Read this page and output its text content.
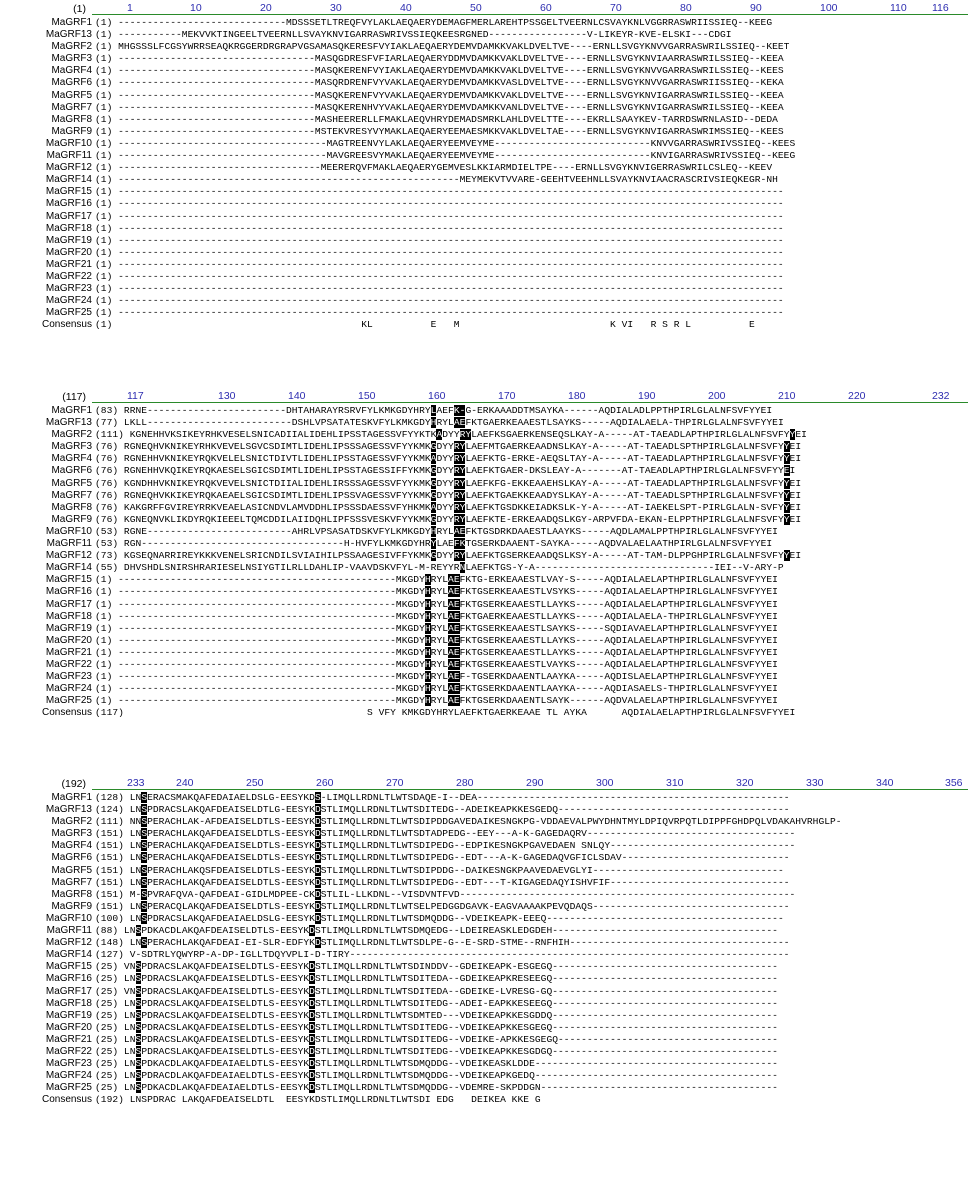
(1)	1	10	20	30	40	50	60	70	80	90	100	110 116
MaGRF1 (1) -----------------------------MDSSSETLTREQFVYLAKLAEQAERYDEMAGFMERLAREHTPSSGELTVEERNLCSVAYKNLVGGRRASWRIISSIEQ--KEEG
MaGRF13 (1) -----------MEKVVKTINGEELTVEERNLLSVAYKNVIGARRASWRIVSSIEQKEESRGNED-----------------V-LIKEYR-KVE-ELSKI---CDGI
MaGRF2 (1) MHGSSSLFCGSYWRRSEAQKRGGERDRGRAPVGSAMASQKERESFVYIAKLAEQAERYDEMVDAMKKVAKLDVELTVE----ERNLLSVGYKNVVGARRASWRILSSIEQ--KEET
MaGRF3 (1) ----------------------------------MASQGDRESFVFIARLAEQAERYDDMVDAMKKVAKLDVELTVE----ERNLLSVGYKNVIAARRASWRILSSIEQ--KEEA
MaGRF4 (1) ----------------------------------MASQKERENFVYIAKLAEQAERYDEMVDAMKKVAKLDVELTVE----ERNLLSVGYKNVVGARRASWRILSSIEQ--KEES
MaGRF6 (1) ----------------------------------MASQRDRENFVYVAKLAEQAERYDEMVDAMKKVASLDVELTVE----ERNLLSVGYKNVVGARRASWRIISSIEQ--KEKA
MaGRF5 (1) ----------------------------------MASQKERENFVYVAKLAEQAERYDEMVDAMKKVAKLDVELTVE----ERNLLSVGYKNVIGARRASWRILSSIEQ--KEEA
MaGRF7 (1) ----------------------------------MASQKERENHVYVAKLAEQAERYDEMVDAMKKVANLDVELTVE----ERNLLSVGYKNVIGARRASWRILSSIEQ--KEEA
MaGRF8 (1) ----------------------------------MASHEERERLLFMAKLAEQVHRYDEMADSMRKLAHLDVELTTE----EKRLLSAAYKEV-TARRDSWRNLASID--DEDA
MaGRF9 (1) ----------------------------------MSTEKVRESYVYMAKLAEQAERYEEMAESMKKVAKLDVELTAE----ERNLLSVGYKNVIGARRASWRIMSSIEQ--KEES
MaGRF10 (1) ------------------------------------MAGTREENVYLAKLAEQAERYEEMVEYME---------------------------KNVVGARRASWRIVSSIEQ--KEES
MaGRF11 (1) ------------------------------------MAVGREESVYMAKLAEQAERYEEMVEYME---------------------------KNVIGARRASWRIVSSIEQ--KEEG
MaGRF12 (1) -----------------------------------MEERERQVFMAKLAEQAERYGEMVESLKKIARMDIELTPE----ERNLLSVGYKNVIGERRASWRILCSLEQ--KEEV
MaGRF14 (1) -----------------------------------------------------------MEYMEKVTVVARE-GEEHTVEEHNLLSVAYKNVIAACRASCRIVSIEQKEGR-NH
MaGRF15 (1) -------------------------------------------------------------------------------------------------------------------
MaGRF16 (1) -------------------------------------------------------------------------------------------------------------------
MaGRF17 (1) -------------------------------------------------------------------------------------------------------------------
MaGRF18 (1) -------------------------------------------------------------------------------------------------------------------
MaGRF19 (1) -------------------------------------------------------------------------------------------------------------------
MaGRF20 (1) -------------------------------------------------------------------------------------------------------------------
MaGRF21 (1) -------------------------------------------------------------------------------------------------------------------
MaGRF22 (1) -------------------------------------------------------------------------------------------------------------------
MaGRF23 (1) -------------------------------------------------------------------------------------------------------------------
MaGRF24 (1) -------------------------------------------------------------------------------------------------------------------
MaGRF25 (1) -------------------------------------------------------------------------------------------------------------------
Consensus (1)                                           KL          E   M                          K VI   R S R L          E
(117)	117	130	140	150	160	170	180	190	200	210	220	232
MaGRF1 (83) RRNE------------------------DHTAHARAYRSRVFYLKMKGDYHRYLAEFK-G-ERKAAADDTMSAYKA------AQDIALADLPPTHPIRLGLALNFSVFYYEI
MaGRF13 (77) LKLL-------------------------DSHLVPSATATESKVFYLKMKGDYHRYLAEFKTGAERKEAAESTLSAYKS-----AQDIALAELA-THPIRLGLALNFSVFYYEI
MaGRF2 (111) KGNEHHVKSIKEYRHKVESELSNICADIIALIDEHLIPSSTAGESSVFYYKTKADYYRYLAEFKSGAERKENSEQSLKAY-A-----AT-TAEADLAPTHPIRLGLALNFSVFYYEI
MaGRF3 (76) RGNEQHVKNIKEYRHKVEVELSGVCSDIMTLIDEHLIPSSSAGESSVFYYKMKGDYYRYLAEFMTGAERKEAADNSLKAY-A-----AT-TAEADLSPTHPIRLGLALNFSVFYYEI
MaGRF4 (76) RGNEHHVKNIKEYRQKVELELSNICTDIVTLIDEHLIPSSTAGESSVFYYKMKADYYRYLAEFKTG-ERKE-AEQSLTAY-A-----AT-TAEADLAPTHPIRLGLALNFSVFYYEI
MaGRF6 (76) RGNEHHVKQIKEYRQKAESELSGICSDIMTLIDEHLIPSSTAGESSIFFYKMKGDYYRYLAEFKTGAER-DKSLEAY-A-------AT-TAEADLAPTHPIRLGLALNFSVFYYEI
MaGRF5 (76) KGNDHHVKNIKEYRQKVEVELSNICTDIIALIDEHLIRSSSAGESSVFYYKMKGDYYRYLAEFKFG-EKKEAAEHSLKAY-A-----AT-TAEADLAPTHPIRLGLALNFSVFYYEI
MaGRF7 (76) RGNEQHVKKIKEYRQKAEAELSGICSDIMTLIDEHLIPSSVAGESSVFYYKMKGDYYRYLAEFKTGAEKKEAADYSLKAY-A-----AT-TAEADLSPTHPIRLGLALNFSVFYYEI
MaGRF8 (76) KAKGRFFGVIREYRRKVEAELASICNDVLAMVDDHLIPSSSDAESSVFYHKMKADYYRYLAEFKTGSDKKEIADKSLK-Y-A-----AT-IAEKELSPT-PIRLGLALN-SVFYYEI
MaGRF9 (76) KGNEQNVKLIKDYRQKIEEELTQMCDDILAIIDQHLIPFSSSVESKVFYYKMKGDYYRYLAEFKTE-ERKEAADQSLKGY-ARPVFDA-EKAN-ELPPTHPIRLGLALNFSVFYYEI
MaGRF10 (53) RGNE-------------------------AHRLVPSASATDSKVFYLKMKGDYHRYLAEFKTGSDRKDAAESTLAAYKS-----AQDLAMALPPTHPIRLGLALNFSVFYYEI
MaGRF11 (53) RGN-----------------------------------H-HVFYLKMKGDYHRYLAEFKTGSERKDAAENT-SAYKA-----AQDVALAELAATHPIRLGLALNFSVFYYEI
MaGRF12 (73) KGSEQNARRIREYKKKVENELSRICNDILSVIAIHILPSSAAGESIVFFYKMKGDYYRYLAEFKTGSERKEAADQSLKSY-A-----AT-TAM-DLPPGHPIRLGLALNFSVFYYEI
MaGRF14 (55) DHVSHDLSNIRSHRARIESELNSIYGTILRLLDAHLIP-VAAVDSKVFYL-M-REYYRNLAEFKTGS-Y-A-------------------------------IEI--V-ARY-P
MaGRF15 (1) ------------------------------------------------MKGDYHRYLAEFKTG-ERKEAAESTLVAY-S-----AQDIALAELAPTHPIRLGLALNFSVFYYEI
MaGRF16 (1) ------------------------------------------------MKGDYHRYLAEFKTGSERKEAAESTLVSYKS-----AQDIALAELAPTHPIRLGLALNFSVFYYEI
MaGRF17 (1) ------------------------------------------------MKGDYHRYLAEFKTGSERKEAAESTLLAYKS-----AQDIALAELAPTHPIRLGLALNFSVFYYEI
MaGRF18 (1) ------------------------------------------------MKGDYHRYLAEFKTGAERKEAAESTLLAYKS-----AQDIALAELA-THPIRLGLALNFSVFYYEI
MaGRF19 (1) ------------------------------------------------MKGDYHRYLAEFKTGSERKEAAESTLSAYKS-----SQDIAVAELAPTHPIRLGLALNFSVFYYEI
MaGRF20 (1) ------------------------------------------------MKGDYHRYLAEFKTGSERKEAAESTLLAYKS-----AQDIALAELAPTHPIRLGLALNFSVFYYEI
MaGRF21 (1) ------------------------------------------------MKGDYHRYLAEFKTGSERKEAAESTLLAYKS-----AQDIALAELAPTHPIRLGLALNFSVFYYEI
MaGRF22 (1) ------------------------------------------------MKGDYHRYLAEFKTGSERKEAAESTLVAYKS-----AQDIALAELAPTHPIRLGLALNFSVFYYEI
MaGRF23 (1) ------------------------------------------------MKGDYHRYLAEF-TGSERKDAAENTLAAYKA-----AQDISLAELAPTHPIRLGLALNFSVFYYEI
MaGRF24 (1) ------------------------------------------------MKGDYHRYLAEFKTGSERKDAAENTLAAYKA-----AQDIASAELS-THPIRLGLALNFSVFYYEI
MaGRF25 (1) ------------------------------------------------MKGDYHRYLAEFKTGSERKDAAENTLSAYK------AQDVALAELAPTHPIRLGLALNFSVFYYEI
Consensus (117)                                          S VFY KMKGDYHRYLAEFKTGAERKEAAE TL AYKA      AQDIALAELAPTHPIRLGLALNFSVFYYEI
(192)	233	240	250	260	270	280	290	300	310	320	330	340	356
MaGRF1 (128) LNSERACSMAKQAFEDAIAELDSLG-EESYKDS-LIMQLLRDNLTLWTSDAQE-I--DEA------------------------------------------------------
MaGRF13 (124) LNSPDRACSLAKQAFDEAISELDTLG-EESYKDSTLIMQLLRDNLTLWTSDITEDG--ADEIKEAPKKESGEDQ----------------------------------------
MaGRF2 (111) NNSPERACHLAK-AFDEAISELDTLS-EESYKDSTLIMQLLRDNLTLWTSDIPDDGAVEDAIKESNGKPG-VDDAEVALPWYDHNTMYLDPIQVRPQTLDIPPFGHDPQLVDAKAHVRHGLP-
MaGRF3 (151) LNSPERACHLAKQAFDEAISELDTLS-EESYKDSTLIMQLLRDNLTLWTSDTADPEDG--EEY---A-K-GAGEDAQRV------------------------------------
MaGRF4 (151) LNSPERACHLAKQAFDEAISELDTLS-EESYKDSTLIMQLLRDNLTLWTSDIPEDG--EDPIKESNGKPGAVEDAEN SNLQY--------------------------------
MaGRF6 (151) LNSPERACHLAKQAFDEAISELDTLS-EESYKDSTLIMQLLRDNLTLWTSDIPEDG--EDT---A-K-GAGEDAQVGFICLSDAV-----------------------------
MaGRF5 (151) LNSPERACHLAKQSFDEAISELDTLS-EESYKDSTLIMQLLRDNLTLWTSDIPDDG--DAIKESNGKPAAVEDAEVGLYI---------------------------------
MaGRF7 (151) LNSPERACHLAKQAFDEAISELDTLS-EESYKDSTLIMQLLRDNLTLWTSDIPEDG--EDT---T-KIGAGEDAQYISHVFIF-------------------------------
MaGRF8 (151) M-SPVRAFQVA-QAFDEAI-GIDLMDPEE-CKDSTLIL-LLKDNL--VISDVNTFVD----------------------------------------------------------
MaGRF9 (151) LNSPERACQLAKQAFDEAISELDTLS-EESYKDSTLIMQLLRDNLTLWTSELPEDGGDGAVK-EAGVAAAAKPEVQDAQS----------------------------------
MaGRF10 (100) LNSPDRACSLAKQAFDEAIAELDSLG-EESYKDSTLIMQLLRDNLTLWTSDMQDDG--VDEIKEAPK-EEEQ-----------------------------------------
MaGRF11 (88) LNSPDKACDLAKQAFDEAISELDTLS-EESYKDSTLIMQLLRDNLTLWTSDMQEDG--LDEIREASKLEDGDEH---------------------------------------
MaGRF12 (148) LNSPERACHLAKQAFDEAI-EI-SLR-EDFYKDSTLIMQLLRDNLTLWTSDLPE-G--E-SRD-STME--RNFHIH--------------------------------------
MaGRF14 (127) V-SDTRLYQWYRP-A-DP-IGLLTDQYVPLI-D-TIRY----------------------------------------------------------------------------
MaGRF15 (25) VNSPDRACSLAKQAFDEAISELDTLS-EESYKDSTLIMQLLRDNLTLWTSDINDDV--GDEIKEAPK-ESGEGQ---------------------------------------
MaGRF16 (25) LNSPDRACSLAKQAFDEAISELDTLS-EESYKDSTLIMQLLRDNLTLWTSDITEDA--GDEIKEAPKRESEEGQ---------------------------------------
MaGRF17 (25) VNSPDRACSLAKQAFDEAISELDTLS-EESYKDSTLIMQLLRDNLTLWTSDITEDA--GDEIKE-LVRESG-GQ---------------------------------------
MaGRF18 (25) LNSPDRACSLAKQAFDEAISELDTLS-EESYKDSTLIMQLLRDNLTLWTSDITEDG--ADEI-EAPKKESEEGQ---------------------------------------
MaGRF19 (25) LNSPDRACSLAKQAFDEAISELDTLS-EESYKDSTLIMQLLRDNLTLWTSDMTED---VDEIKEAPKKESGDDQ---------------------------------------
MaGRF20 (25) LNSPDRACSLAKQAFDEAISELDTLS-EESYKDSTLIMQLLRDNLTLWTSDITEDG--VDEIKEAPKKESGEGQ---------------------------------------
MaGRF21 (25) LNSPDRACSLAKQAFDEAISELDTLS-EESYKDSTLIMQLLRDNLTLWTSDITEDG--VDEIKE-APKKESGEGQ--------------------------------------
MaGRF22 (25) LNSPDRACSLAKQAFDEAISELDTLS-EESYKDSTLIMQLLRDNLTLWTSDITEDG--VDEIKEAPKKESGDGQ---------------------------------------
MaGRF23 (25) LNSPDKACDLAKQAFDEAIAELDTLS-EESYKDSTLIMQLLRDNLTLWTSDMQDDG--VDEIKEASKLDDE------------------------------------------
MaGRF24 (25) LNSPDRACDLAKQAFDEAIAELDTLS-EESYKDSTLIMQLLRDNLTLWTSDMQDDG--VDEIKEAPKGEDQ------------------------------------------
MaGRF25 (25) LNSPDKACDLAKQAFDEAIAELDTLS-EESYKDSTLIMQLLRDNLTLWTSDMQDDG--VDEMRE-SKPDDGN-----------------------------------------
Consensus (192) LNSPDRAC LAKQAFDEAISELDTL  EESYKDSTLIMQLLRDNLTLWTSDI EDG   DEIKEA KKE G
